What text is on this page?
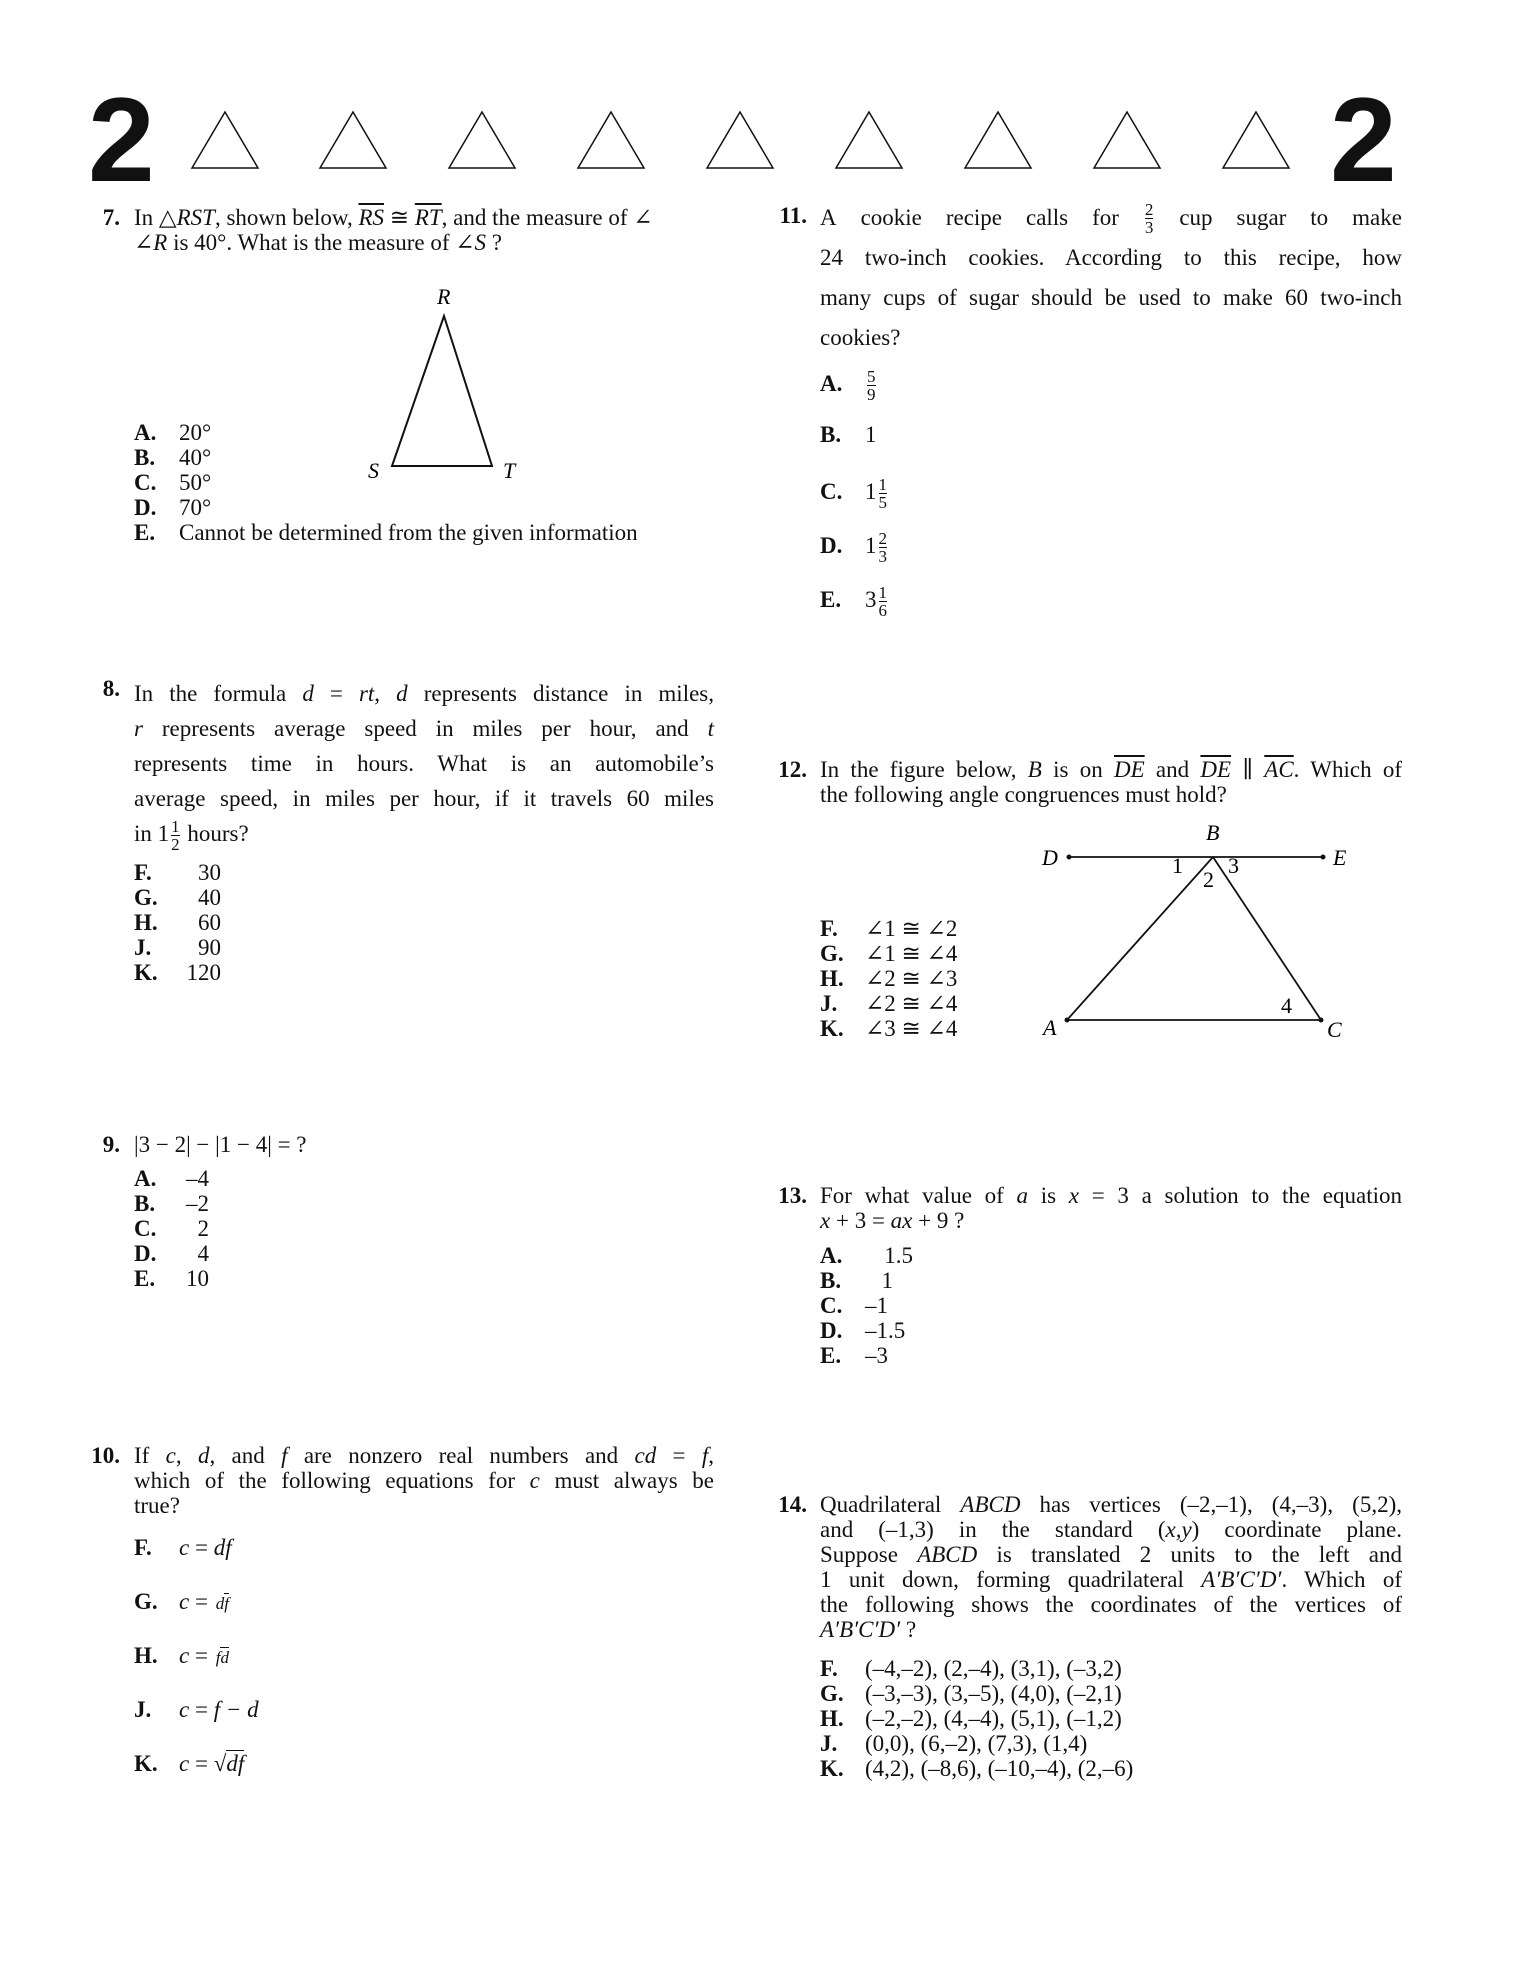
2	2
7. In △RST, shown below, $\overline{RS}$ ≅ $\overline{RT}$, and the measure of ∠
∠R is 40°. What is the measure of ∠S ?
R
S	T
A. 20°
B. 40°
C. 50°
D. 70°
E. Cannot be determined from the given information
8. In the formula d = rt, d represents distance in miles,
r represents average speed in miles per hour, and t
represents time in hours. What is an automobile’s
average speed, in miles per hour, if it travels 60 miles
in $1 \frac{1}{2}$ hours?
F. 30
G. 40
H. 60
J. 90
K. 120
9. |3 − 2| − |1 − 4| = ?
A. –4
B. –2
C. 2
D. 4
E. 10
10. If c, d, and f are nonzero real numbers and cd = f,
which of the following equations for c must always be
true?
F. c = df
G. c = df
H. c = fd
J. c = f − d
K. c = √df
11. A cookie recipe calls for $\frac{2}{3}$ cup sugar to make
24 two-inch cookies. According to this recipe, how
many cups of sugar should be used to make 60 two-inch
cookies?
A. $\frac{5}{9}$
B. 1
C. $1 \frac{1}{5}$
D. $1 \frac{2}{3}$
E. $3 \frac{1}{6}$
12. In the figure below, B is on $\overline{DE}$ and $\overline{DE}$ ∥ $\overline{AC}$. Which of
the following angle congruences must hold?
B
D	E
A	C
1
2
3
4
F. ∠1 ≅ ∠2
G. ∠1 ≅ ∠4
H. ∠2 ≅ ∠3
J. ∠2 ≅ ∠4
K. ∠3 ≅ ∠4
13. For what value of a is x = 3 a solution to the equation
x + 3 = ax + 9 ?
A. 1.5
B. 1
C. –1
D. –1.5
E. –3
14. Quadrilateral ABCD has vertices (–2,–1), (4,–3), (5,2),
and (–1,3) in the standard (x,y) coordinate plane.
Suppose ABCD is translated 2 units to the left and
1 unit down, forming quadrilateral A′B′C′D′. Which of
the following shows the coordinates of the vertices of
A′B′C′D′ ?
F. (–4,–2), (2,–4), (3,1), (–3,2)
G. (–3,–3), (3,–5), (4,0), (–2,1)
H. (–2,–2), (4,–4), (5,1), (–1,2)
J. (0,0), (6,–2), (7,3), (1,4)
K. (4,2), (–8,6), (–10,–4), (2,–6)
